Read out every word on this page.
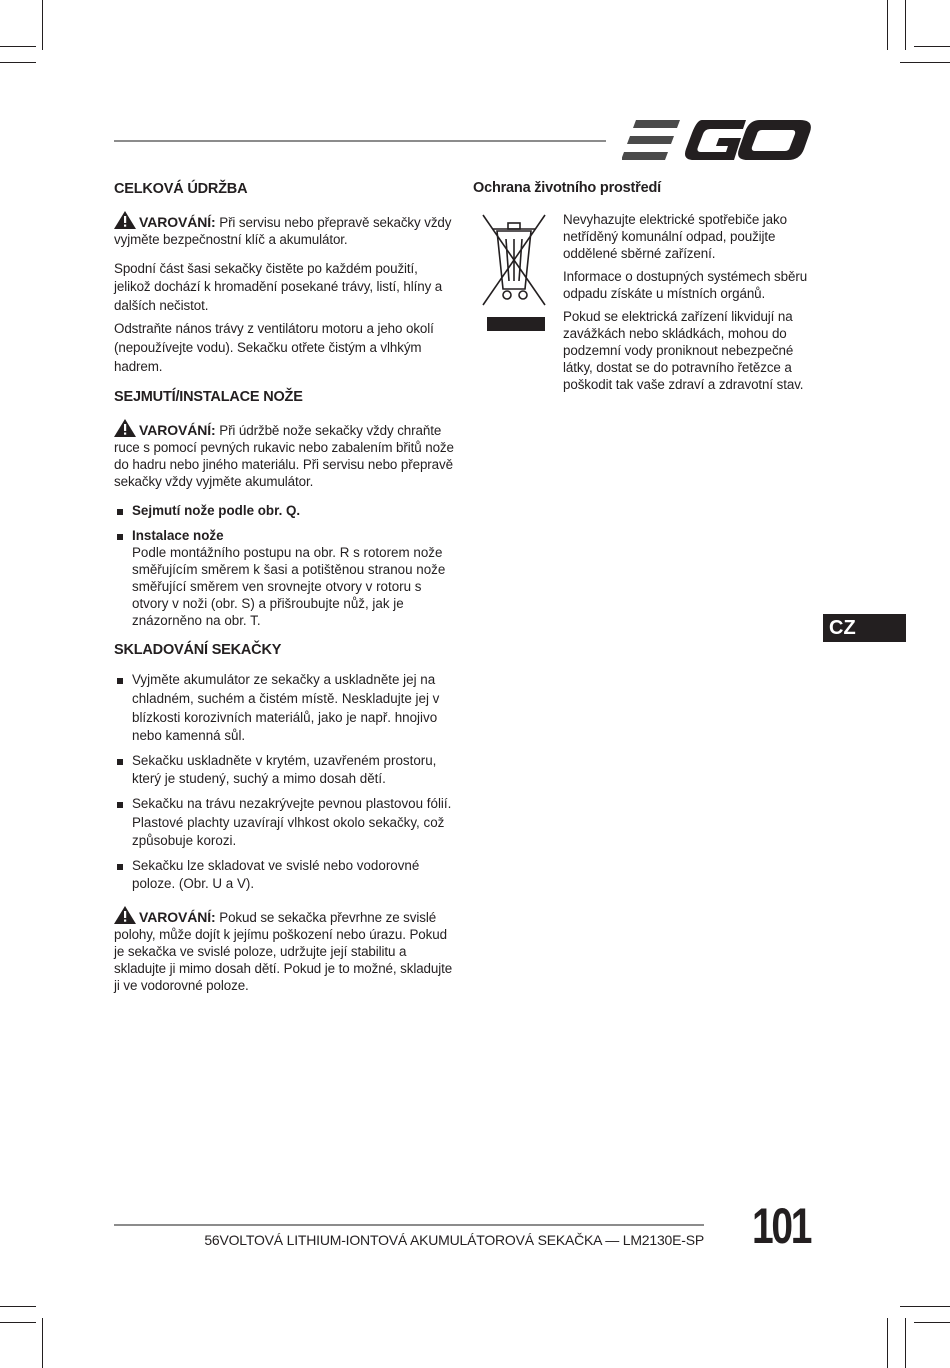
CELKOVÁ ÚDRŽBA
VAROVÁNÍ: Při servisu nebo přepravě sekačky vždy vyjměte bezpečnostní klíč a akumulátor.

Spodní část šasi sekačky čistěte po každém použití, jelikož dochází k hromadění posekané trávy, listí, hlíny a dalších nečistot.

Odstraňte nános trávy z ventilátoru motoru a jeho okolí (nepoužívejte vodu). Sekačku otřete čistým a vlhkým hadrem.

SEJMUTÍ/INSTALACE NOŽE
VAROVÁNÍ: Při údržbě nože sekačky vždy chraňte ruce s pomocí pevných rukavic nebo zabalením břitů nože do hadru nebo jiného materiálu. Při servisu nebo přepravě sekačky vždy vyjměte akumulátor.
Sejmutí nože podle obr. Q.
Instalace nože
Podle montážního postupu na obr. R s rotorem nože směřujícím směrem k šasi a potištěnou stranou nože směřující směrem ven srovnejte otvory v rotoru s otvory v noži (obr. S) a přišroubujte nůž, jak je znázorněno na obr. T.
SKLADOVÁNÍ SEKAČKY
Vyjměte akumulátor ze sekačky a uskladněte jej na chladném, suchém a čistém místě. Neskladujte jej v blízkosti korozivních materiálů, jako je např. hnojivo nebo kamenná sůl.
Sekačku uskladněte v krytém, uzavřeném prostoru, který je studený, suchý a mimo dosah dětí.
Sekačku na trávu nezakrývejte pevnou plastovou fólií. Plastové plachty uzavírají vlhkost okolo sekačky, což způsobuje korozi.
Sekačku lze skladovat ve svislé nebo vodorovné poloze. (Obr. U a V).
VAROVÁNÍ: Pokud se sekačka převrhne ze svislé polohy, může dojít k jejímu poškození nebo úrazu. Pokud je sekačka ve svislé poloze, udržujte její stabilitu a skladujte ji mimo dosah dětí. Pokud je to možné, skladujte ji ve vodorovné poloze.
Ochrana životního prostředí

Nevyhazujte elektrické spotřebiče jako netříděný komunální odpad, použijte oddělené sběrné zařízení.

Informace o dostupných systémech sběru odpadu získáte u místních orgánů.

Pokud se elektrická zařízení likvidují na zavážkách nebo skládkách, mohou do podzemní vody proniknout nebezpečné látky, dostat se do potravního řetězce a poškodit tak vaše zdraví a zdravotní stav.

CZ
56VOLTOVÁ LITHIUM-IONTOVÁ AKUMULÁTOROVÁ SEKAČKA — LM2130E-SP 101
